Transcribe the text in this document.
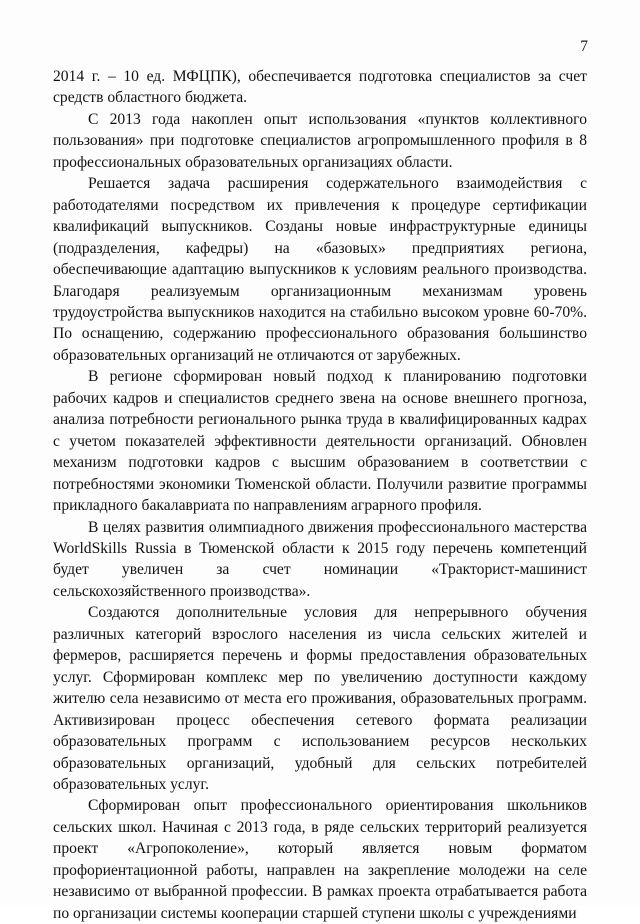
7

2014 г. – 10 ед. МФЦПК), обеспечивается подготовка специалистов за счет средств областного бюджета.

С 2013 года накоплен опыт использования «пунктов коллективного пользования» при подготовке специалистов агропромышленного профиля в 8 профессиональных образовательных организациях области.

Решается задача расширения содержательного взаимодействия с работодателями посредством их привлечения к процедуре сертификации квалификаций выпускников. Созданы новые инфраструктурные единицы (подразделения, кафедры) на «базовых» предприятиях региона, обеспечивающие адаптацию выпускников к условиям реального производства. Благодаря реализуемым организационным механизмам уровень трудоустройства выпускников находится на стабильно высоком уровне 60-70%. По оснащению, содержанию профессионального образования большинство образовательных организаций не отличаются от зарубежных.

В регионе сформирован новый подход к планированию подготовки рабочих кадров и специалистов среднего звена на основе внешнего прогноза, анализа потребности регионального рынка труда в квалифицированных кадрах с учетом показателей эффективности деятельности организаций. Обновлен механизм подготовки кадров с высшим образованием в соответствии с потребностями экономики Тюменской области. Получили развитие программы прикладного бакалавриата по направлениям аграрного профиля.

В целях развития олимпиадного движения профессионального мастерства WorldSkills Russia в Тюменской области к 2015 году перечень компетенций будет увеличен за счет номинации «Тракторист-машинист сельскохозяйственного производства».

Создаются дополнительные условия для непрерывного обучения различных категорий взрослого населения из числа сельских жителей и фермеров, расширяется перечень и формы предоставления образовательных услуг. Сформирован комплекс мер по увеличению доступности каждому жителю села независимо от места его проживания, образовательных программ. Активизирован процесс обеспечения сетевого формата реализации образовательных программ с использованием ресурсов нескольких образовательных организаций, удобный для сельских потребителей образовательных услуг.

Сформирован опыт профессионального ориентирования школьников сельских школ. Начиная с 2013 года, в ряде сельских территорий реализуется проект «Агропоколение», который является новым форматом профориентационной работы, направлен на закрепление молодежи на селе независимо от выбранной профессии. В рамках проекта отрабатывается работа по организации системы кооперации старшей ступени школы с учреждениями
